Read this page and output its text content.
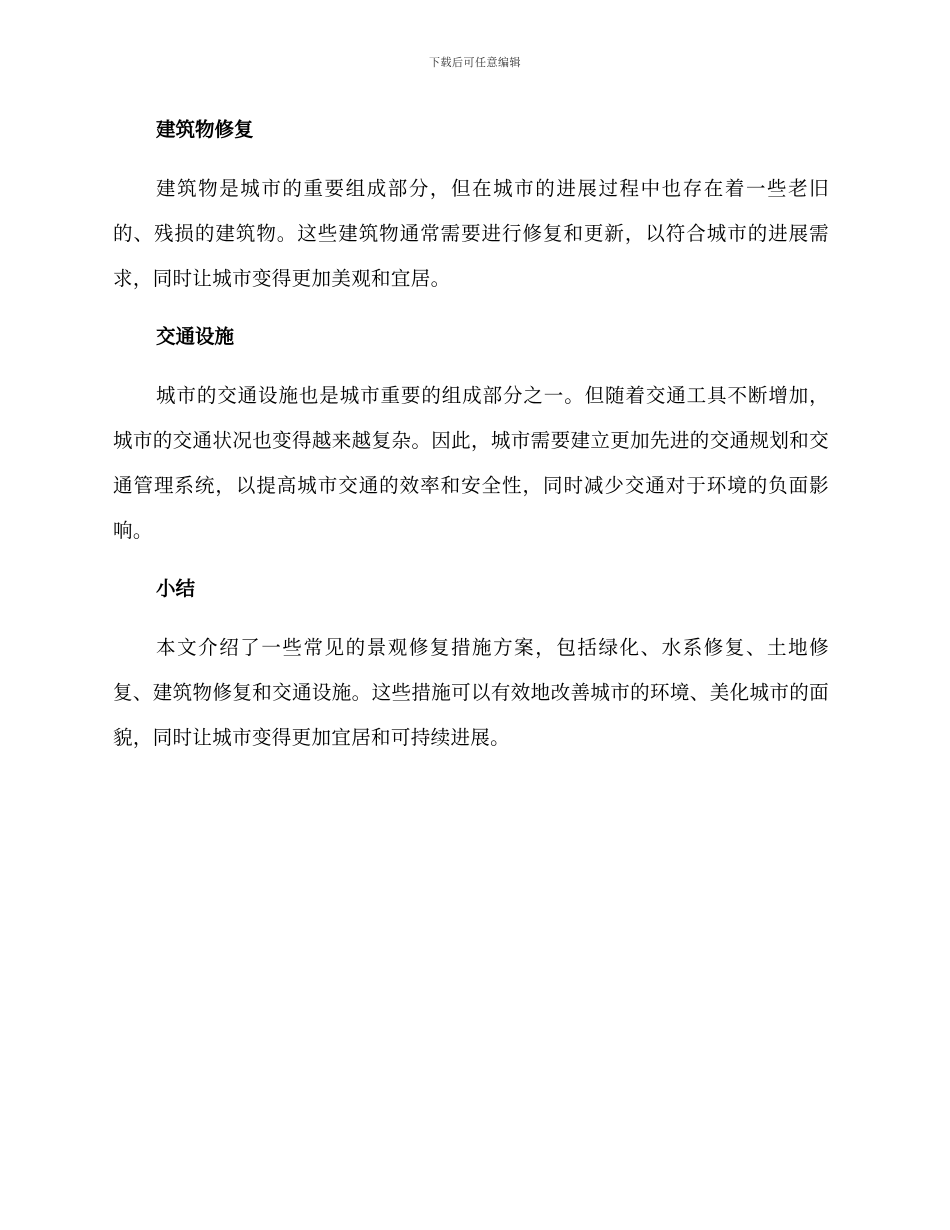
下载后可任意编辑
建筑物修复

建筑物是城市的重要组成部分，但在城市的进展过程中也存在着一些老旧的、残损的建筑物。这些建筑物通常需要进行修复和更新，以符合城市的进展需求，同时让城市变得更加美观和宜居。

交通设施

城市的交通设施也是城市重要的组成部分之一。但随着交通工具不断增加，城市的交通状况也变得越来越复杂。因此，城市需要建立更加先进的交通规划和交通管理系统，以提高城市交通的效率和安全性，同时减少交通对于环境的负面影响。

小结

本文介绍了一些常见的景观修复措施方案，包括绿化、水系修复、土地修复、建筑物修复和交通设施。这些措施可以有效地改善城市的环境、美化城市的面貌，同时让城市变得更加宜居和可持续进展。
